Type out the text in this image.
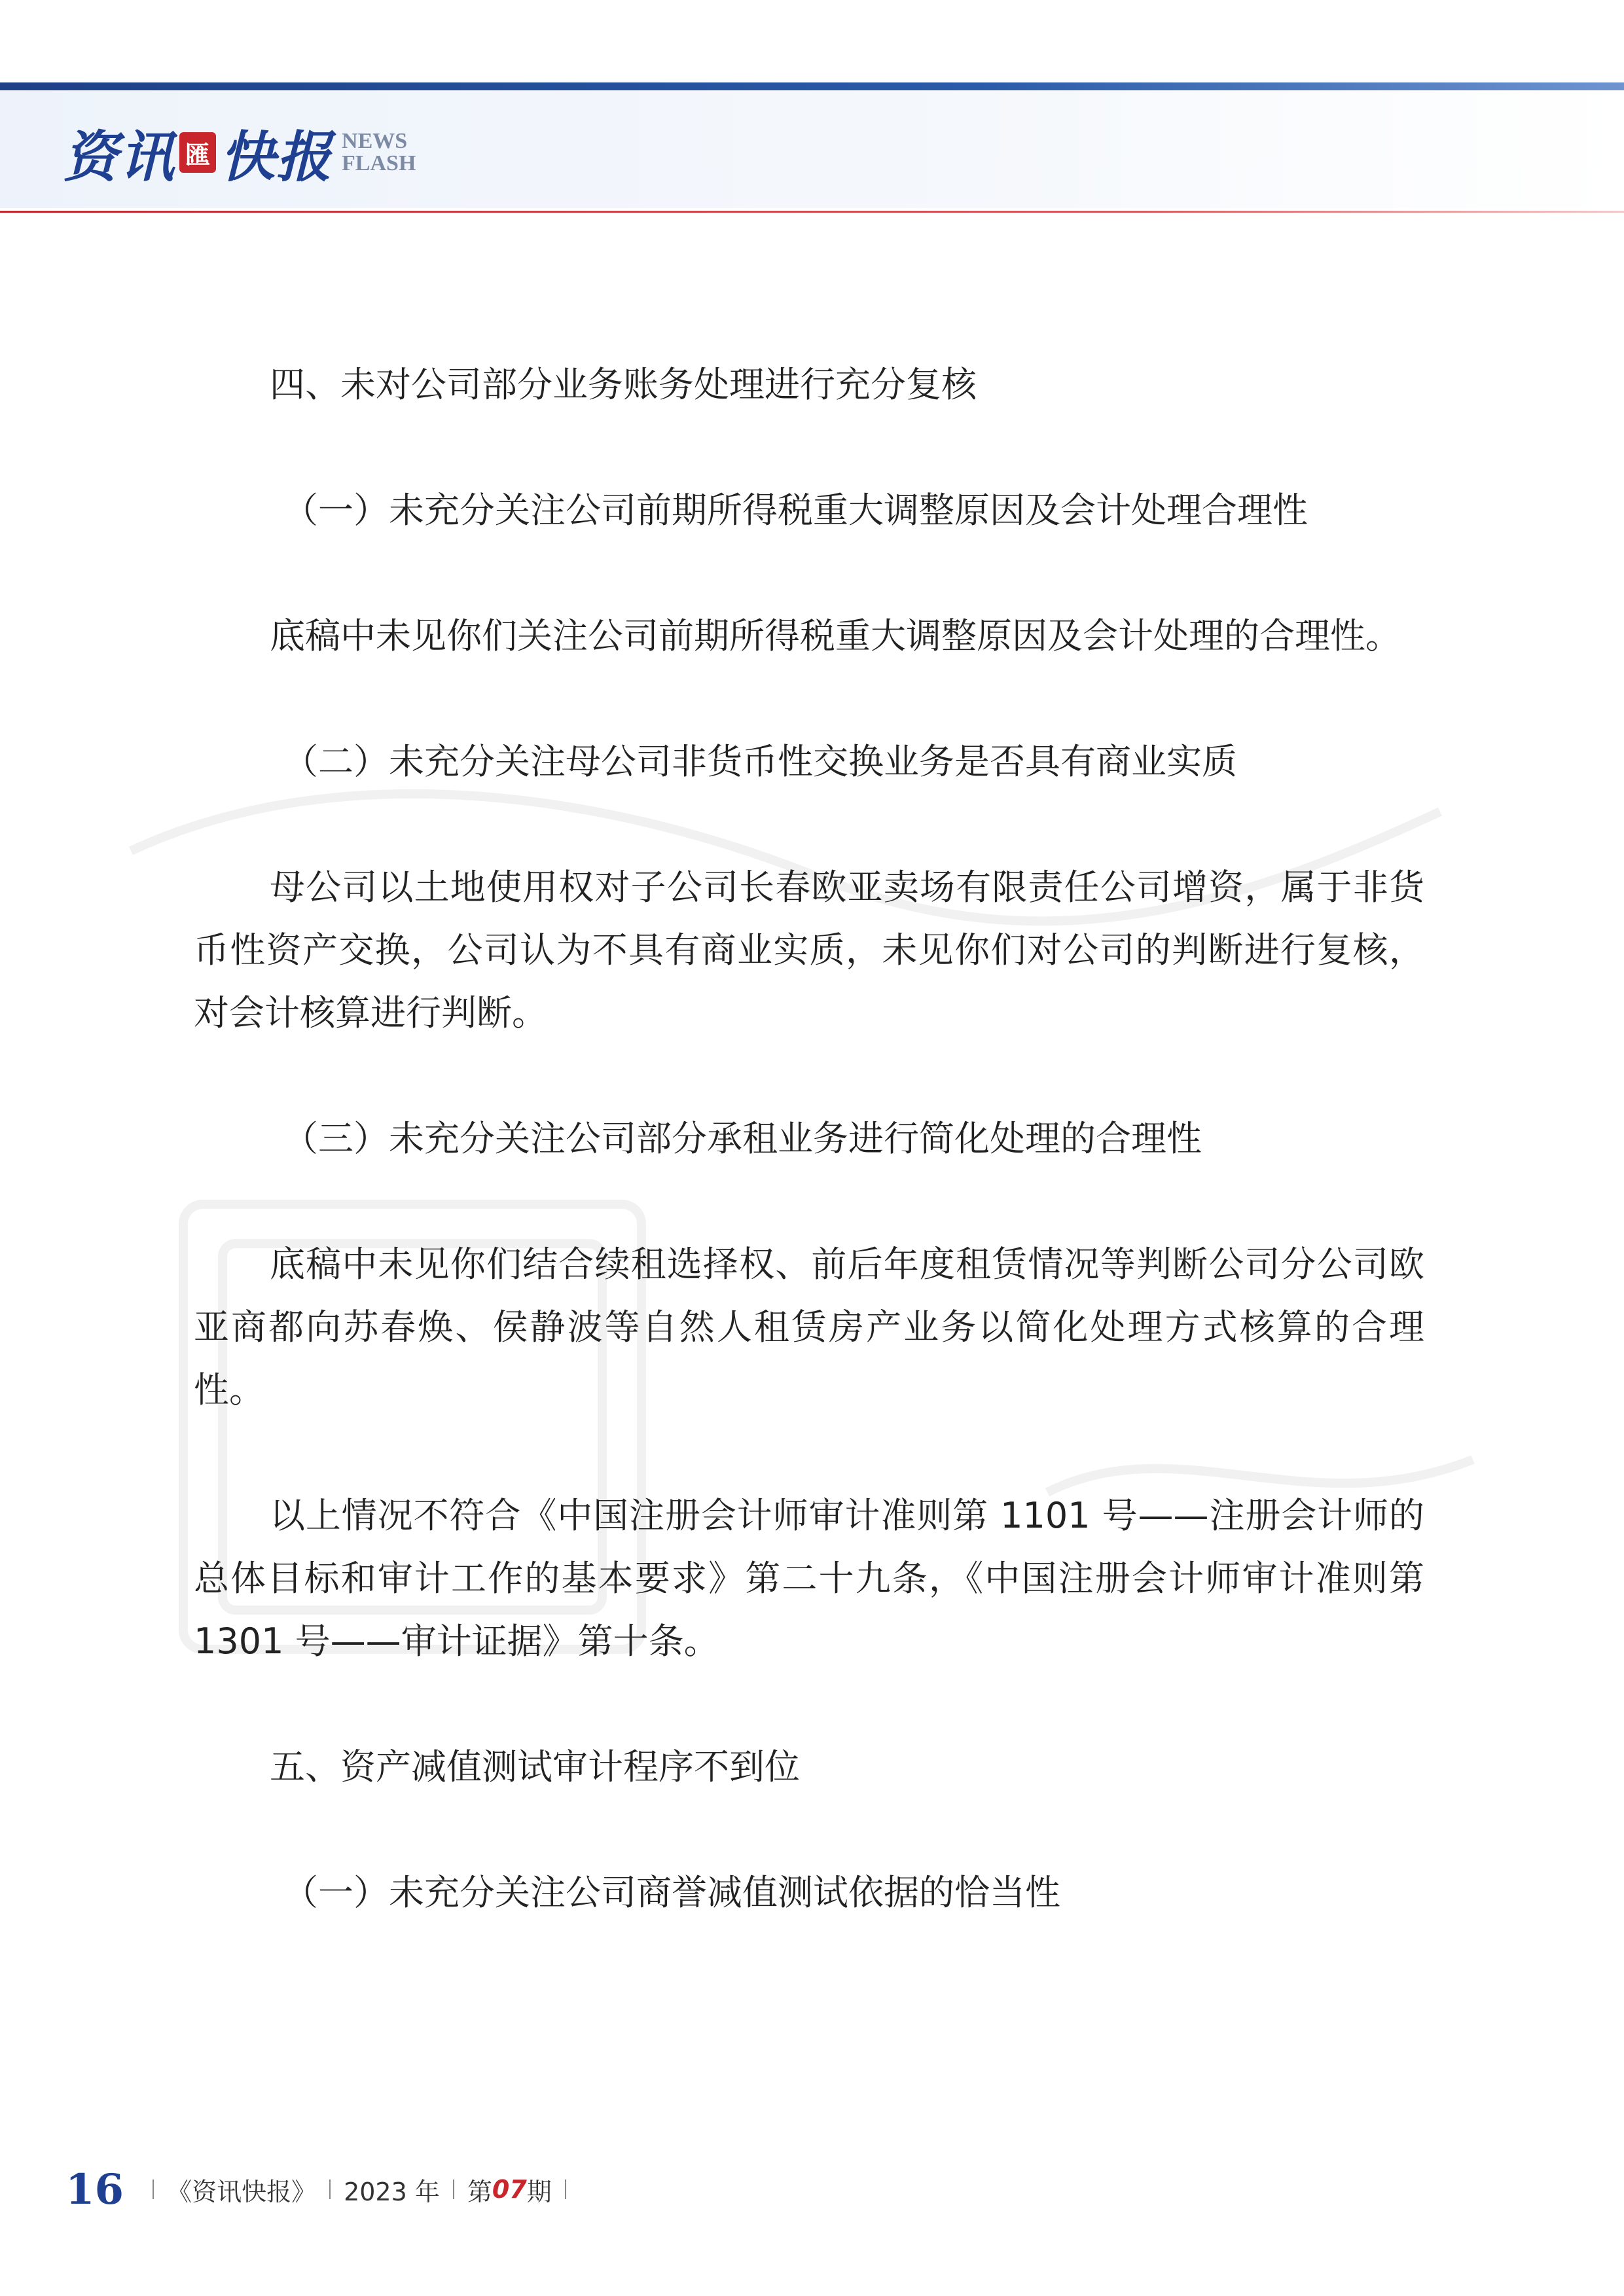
资讯 匯 快报 NEWS
FLASH

四、未对公司部分业务账务处理进行充分复核

（一）未充分关注公司前期所得税重大调整原因及会计处理合理性

底稿中未见你们关注公司前期所得税重大调整原因及会计处理的合理性。

（二）未充分关注母公司非货币性交换业务是否具有商业实质

母公司以土地使用权对子公司长春欧亚卖场有限责任公司增资，属于非货币性资产交换，公司认为不具有商业实质，未见你们对公司的判断进行复核，对会计核算进行判断。

（三）未充分关注公司部分承租业务进行简化处理的合理性

底稿中未见你们结合续租选择权、前后年度租赁情况等判断公司分公司欧亚商都向苏春焕、侯静波等自然人租赁房产业务以简化处理方式核算的合理性。

以上情况不符合《中国注册会计师审计准则第 1101 号——注册会计师的总体目标和审计工作的基本要求》第二十九条，《中国注册会计师审计准则第 1301 号——审计证据》第十条。

五、资产减值测试审计程序不到位

（一）未充分关注公司商誉减值测试依据的恰当性

16 《资讯快报》 2023 年 第 07 期
